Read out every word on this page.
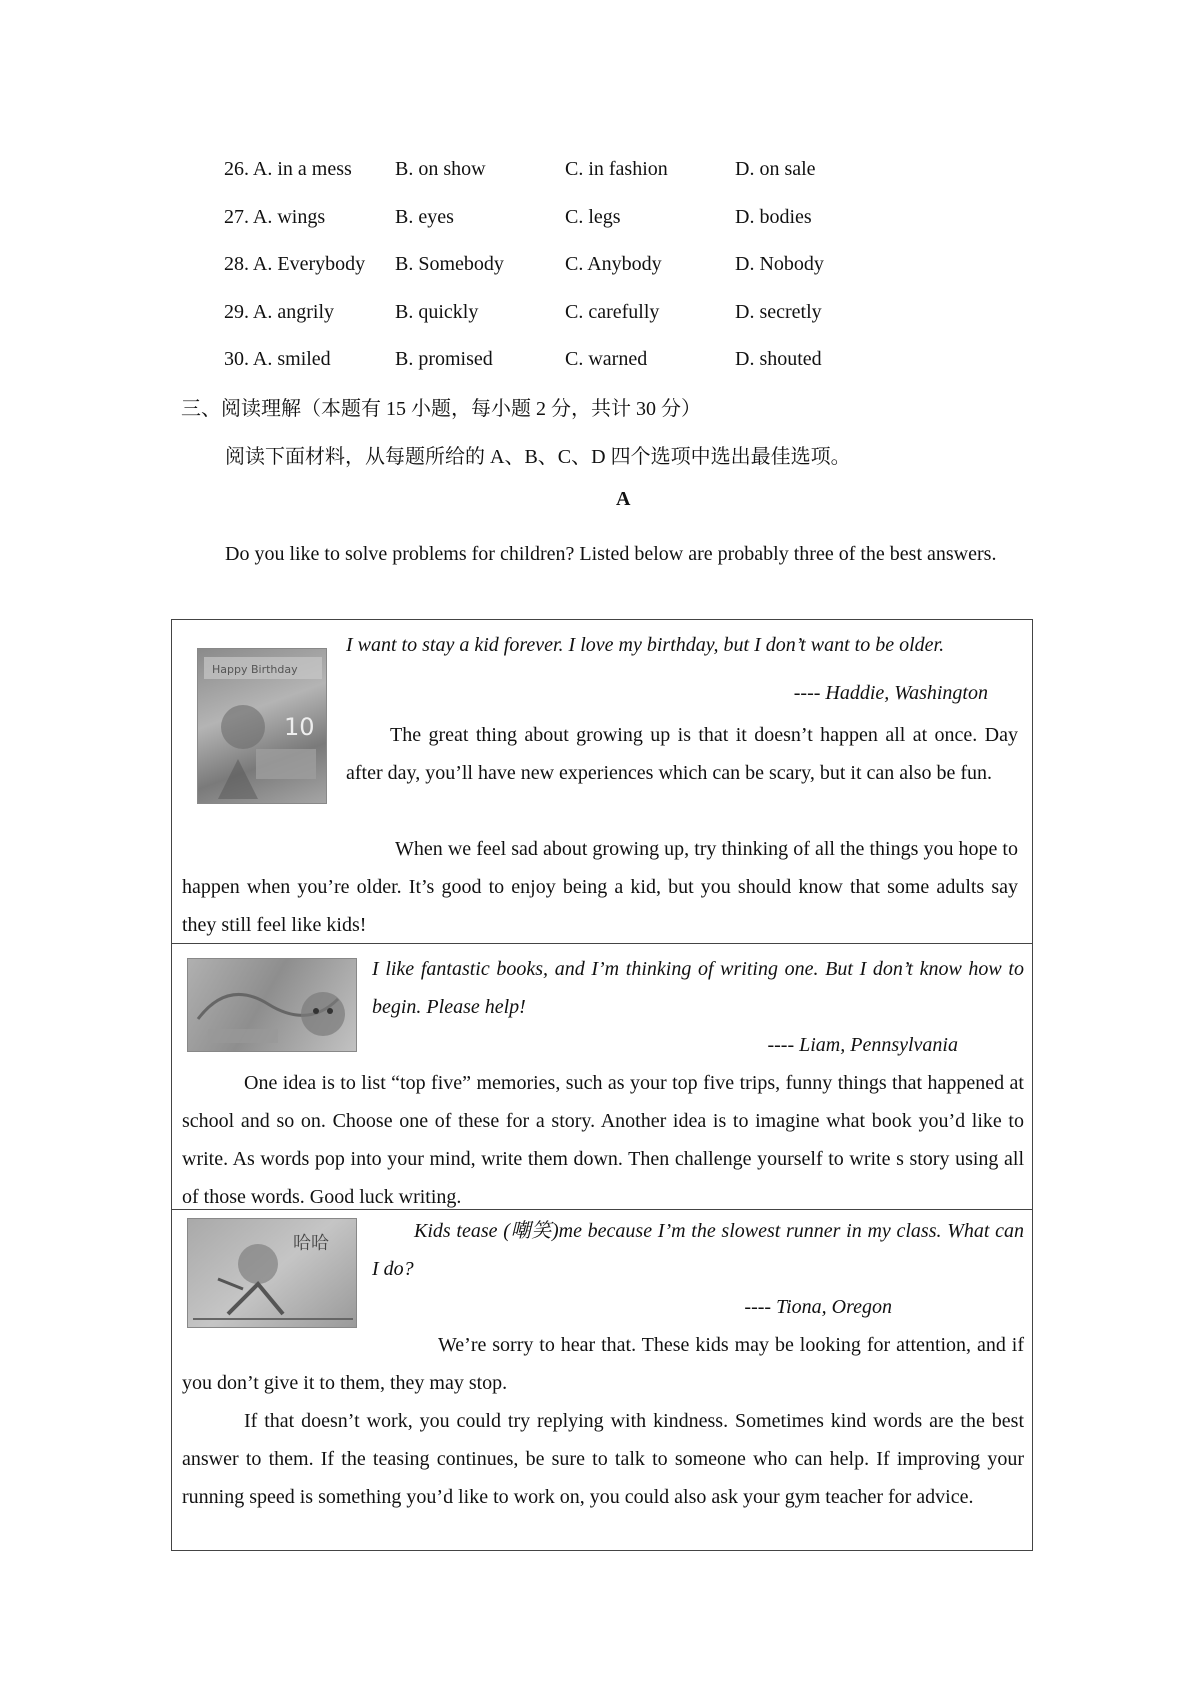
26. A. in a mess B. on show	C. in fashion	D. on sale
27. A. wings	B. eyes	C. legs	D. bodies
28. A. Everybody B. Somebody	C. Anybody	D. Nobody
29. A. angrily	B. quickly	C. carefully	D. secretly
30. A. smiled	B. promised	C. warned	D. shouted
三、阅读理解（本题有 15 小题，每小题 2 分，共计 30 分）
阅读下面材料，从每题所给的 A、B、C、D 四个选项中选出最佳选项。
A
Do you like to solve problems for children? Listed below are probably three of the best answers.
Happy Birthday
10
I want to stay a kid forever. I love my birthday, but I don’t want to be older.
---- Haddie, Washington
The great thing about growing up is that it doesn’t happen all at once. Day after day, you’ll have new experiences which can be scary, but it can also be fun.
When we feel sad about growing up, try thinking of all the things you hope to happen when you’re older. It’s good to enjoy being a kid, but you should know that some adults say they still feel like kids!
I like fantastic books, and I’m thinking of writing one. But I don’t know how to begin. Please help!
---- Liam, Pennsylvania
One idea is to list “top five” memories, such as your top five trips, funny things that happened at school and so on. Choose one of these for a story. Another idea is to imagine what book you’d like to write. As words pop into your mind, write them down. Then challenge yourself to write s story using all of those words. Good luck writing.
哈哈
Kids tease (嘲笑)me because I’m the slowest runner in my class. What can I do?
---- Tiona, Oregon
We’re sorry to hear that. These kids may be looking for attention, and if you don’t give it to them, they may stop.
If that doesn’t work, you could try replying with kindness. Sometimes kind words are the best answer to them. If the teasing continues, be sure to talk to someone who can help. If improving your running speed is something you’d like to work on, you could also ask your gym teacher for advice.
